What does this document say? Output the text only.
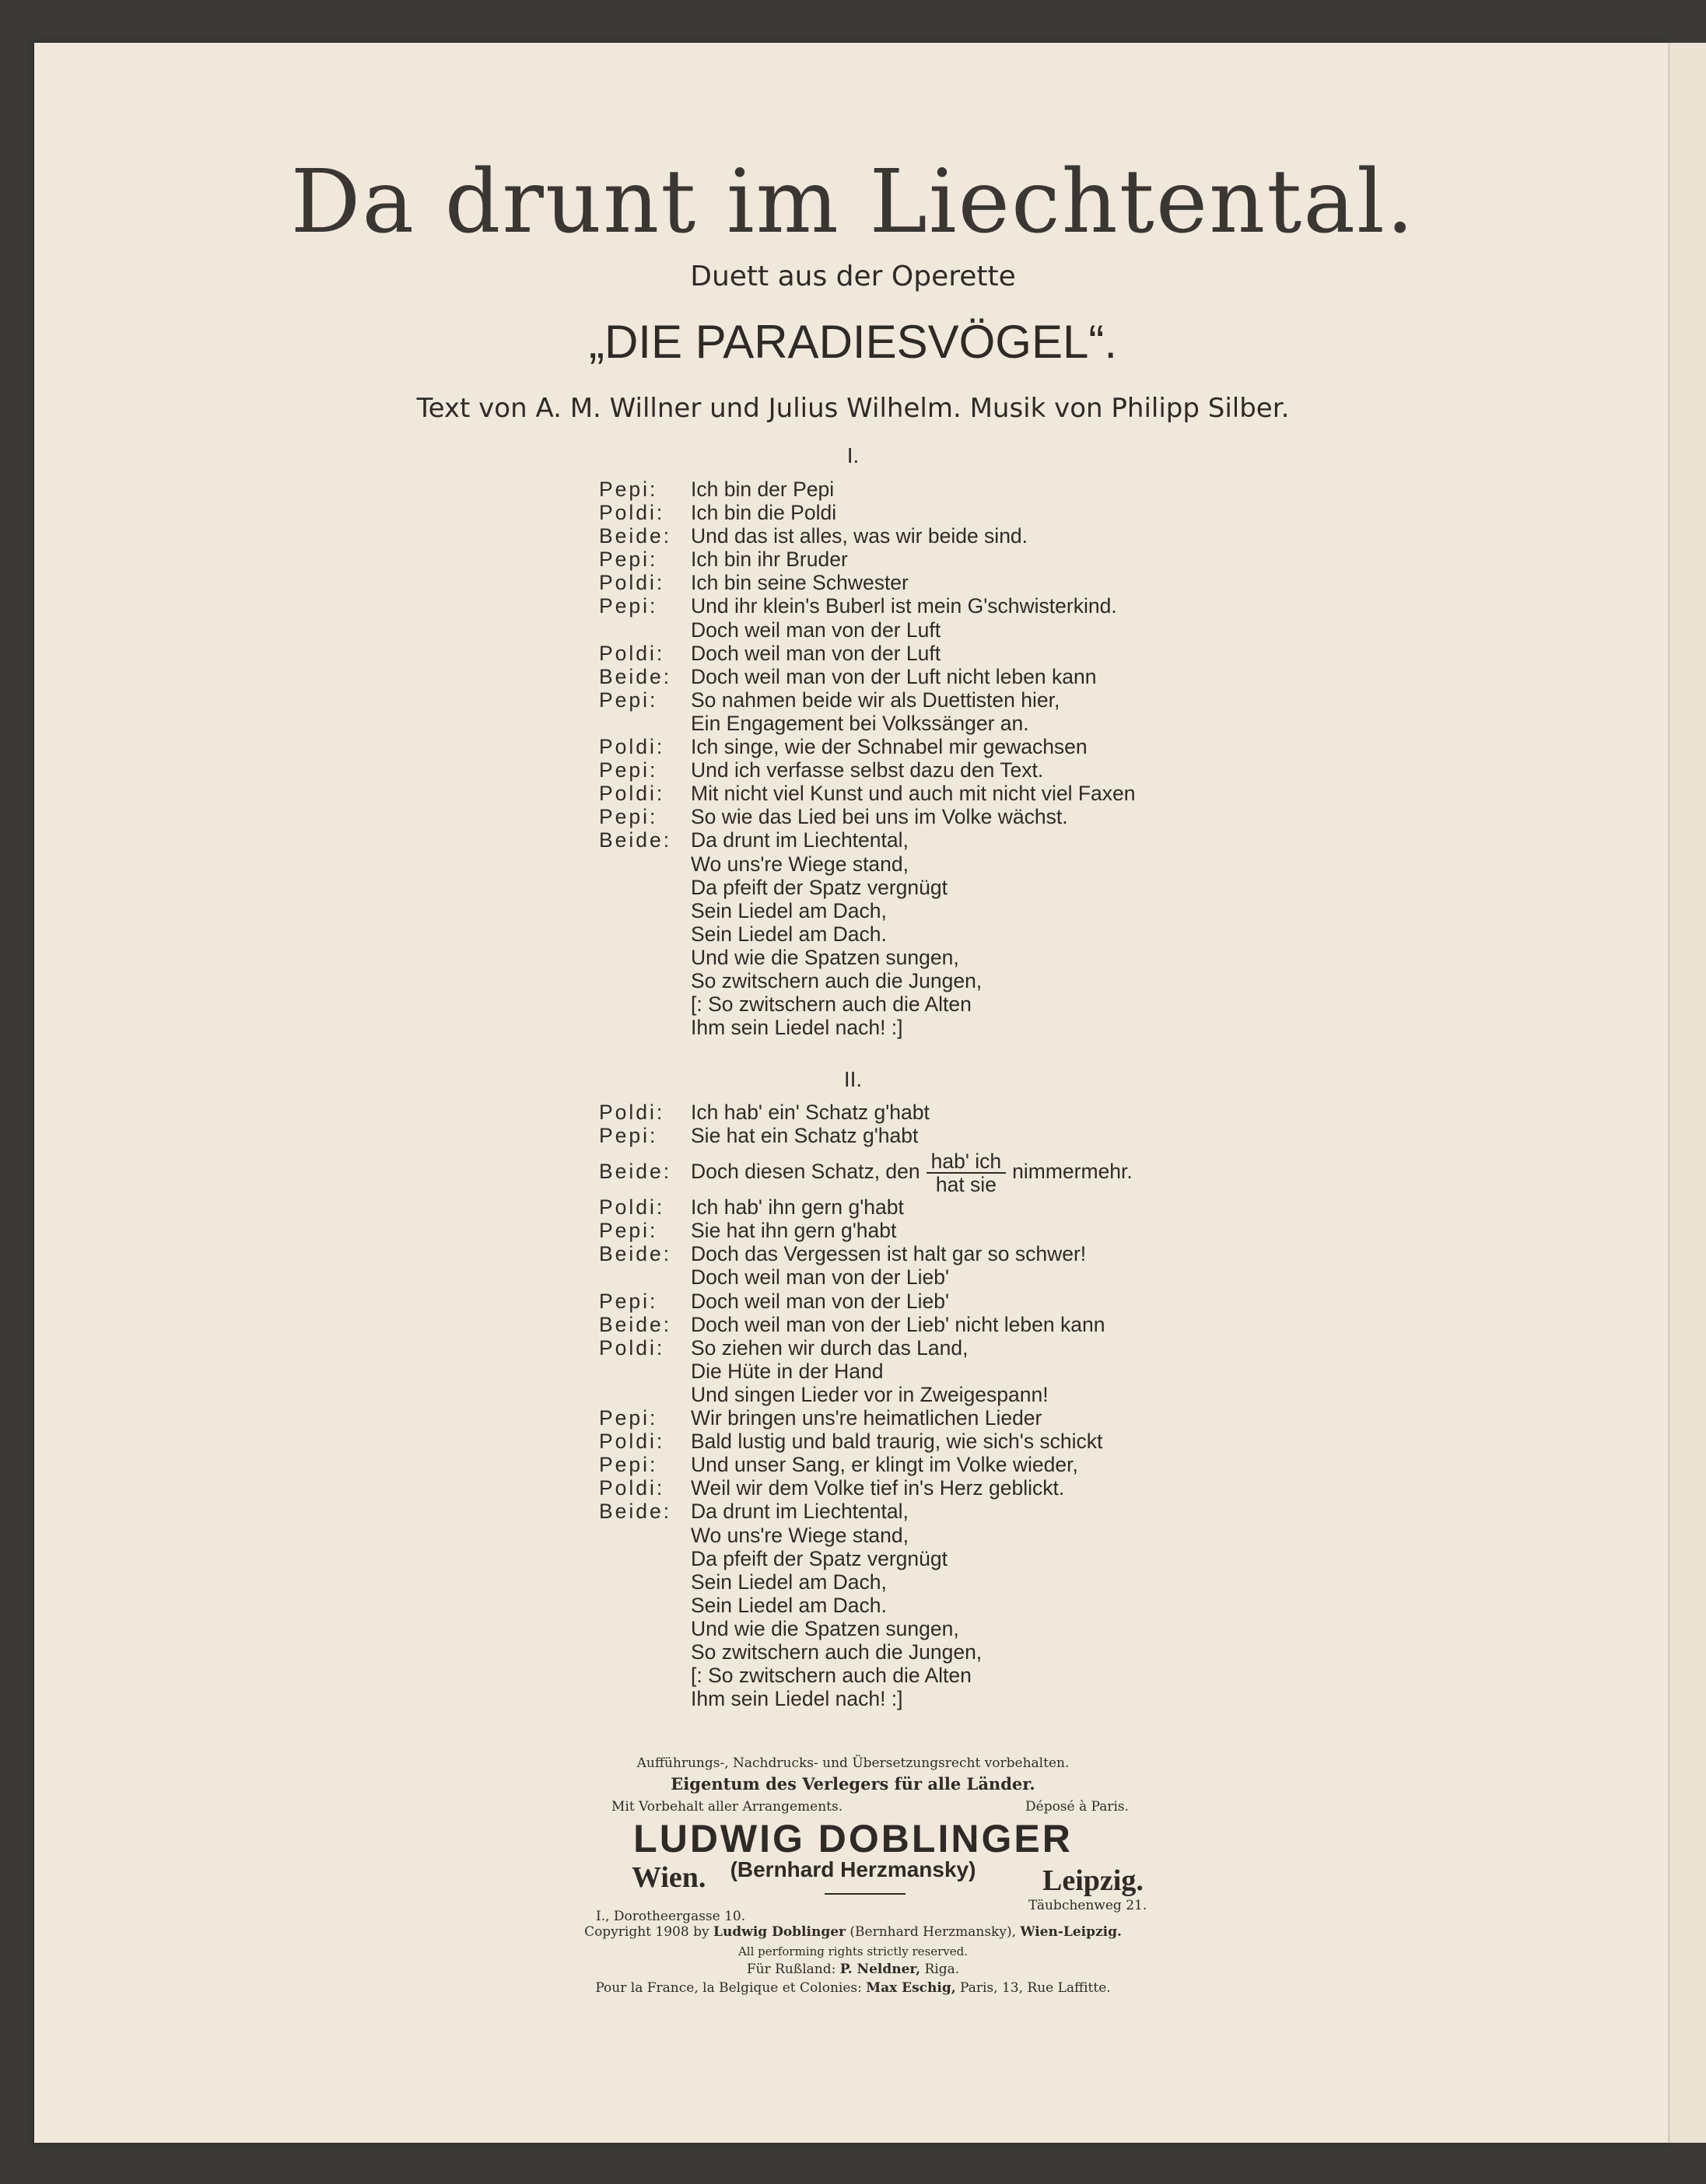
Da drunt im Liechtental.
Duett aus der Operette
„DIE PARADIESVÖGEL“.
Text von A. M. Willner und Julius Wilhelm. Musik von Philipp Silber.
I.
Pepi: Ich bin der Pepi
Poldi: Ich bin die Poldi
Beide: Und das ist alles, was wir beide sind.
Pepi: Ich bin ihr Bruder
Poldi: Ich bin seine Schwester
Pepi: Und ihr klein's Buberl ist mein G'schwisterkind.
Doch weil man von der Luft
Poldi: Doch weil man von der Luft
Beide: Doch weil man von der Luft nicht leben kann
Pepi: So nahmen beide wir als Duettisten hier,
Ein Engagement bei Volkssänger an.
Poldi: Ich singe, wie der Schnabel mir gewachsen
Pepi: Und ich verfasse selbst dazu den Text.
Poldi: Mit nicht viel Kunst und auch mit nicht viel Faxen
Pepi: So wie das Lied bei uns im Volke wächst.
Beide: Da drunt im Liechtental,
Wo uns're Wiege stand,
Da pfeift der Spatz vergnügt
Sein Liedel am Dach,
Sein Liedel am Dach.
Und wie die Spatzen sungen,
So zwitschern auch die Jungen,
[: So zwitschern auch die Alten
Ihm sein Liedel nach! :]
II.
Poldi: Ich hab' ein' Schatz g'habt
Pepi: Sie hat ein Schatz g'habt
Beide: Doch diesen Schatz, den $\frac{\text{hab' ich}}{\text{hat sie}}$ nimmermehr.
Poldi: Ich hab' ihn gern g'habt
Pepi: Sie hat ihn gern g'habt
Beide: Doch das Vergessen ist halt gar so schwer!
Doch weil man von der Lieb'
Pepi: Doch weil man von der Lieb'
Beide: Doch weil man von der Lieb' nicht leben kann
Poldi: So ziehen wir durch das Land,
Die Hüte in der Hand
Und singen Lieder vor in Zweigespann!
Pepi: Wir bringen uns're heimatlichen Lieder
Poldi: Bald lustig und bald traurig, wie sich's schickt
Pepi: Und unser Sang, er klingt im Volke wieder,
Poldi: Weil wir dem Volke tief in's Herz geblickt.
Beide: Da drunt im Liechtental,
Wo uns're Wiege stand,
Da pfeift der Spatz vergnügt
Sein Liedel am Dach,
Sein Liedel am Dach.
Und wie die Spatzen sungen,
So zwitschern auch die Jungen,
[: So zwitschern auch die Alten
Ihm sein Liedel nach! :]
Aufführungs-, Nachdrucks- und Übersetzungsrecht vorbehalten.
Eigentum des Verlegers für alle Länder.
Mit Vorbehalt aller Arrangements.	Déposé à Paris.
LUDWIG DOBLINGER
(Bernhard Herzmansky)
Wien.	Leipzig.
I., Dorotheergasse 10.
Täubchenweg 21.
Copyright 1908 by Ludwig Doblinger (Bernhard Herzmansky), Wien-Leipzig.
All performing rights strictly reserved.
Für Rußland: P. Neldner, Riga.
Pour la France, la Belgique et Colonies: Max Eschig, Paris, 13, Rue Laffitte.
